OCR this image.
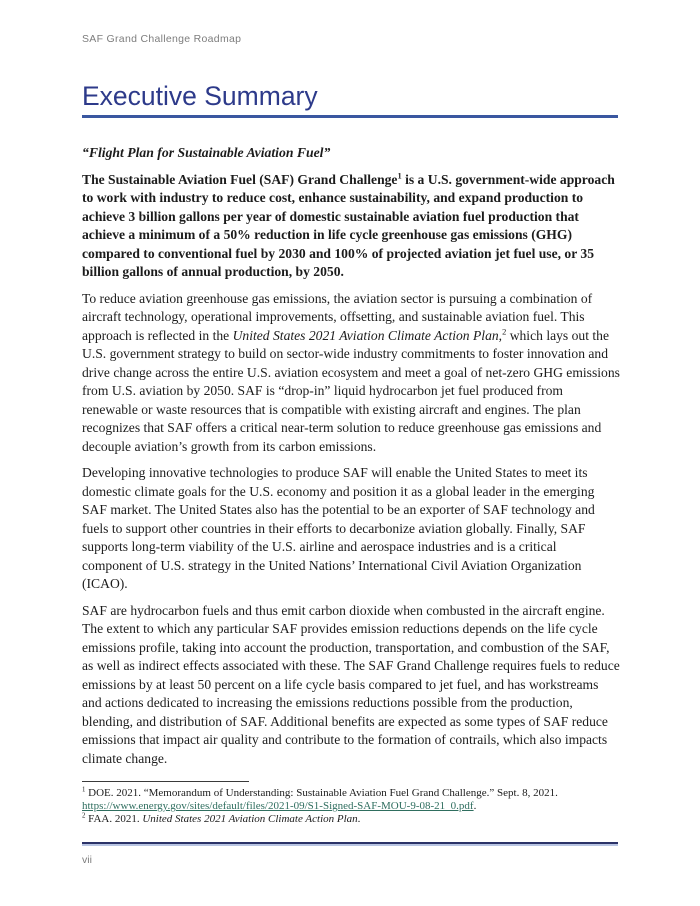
SAF Grand Challenge Roadmap
Executive Summary

“Flight Plan for Sustainable Aviation Fuel”

The Sustainable Aviation Fuel (SAF) Grand Challenge$^1$ is a U.S. government-wide approach to work with industry to reduce cost, enhance sustainability, and expand production to achieve 3 billion gallons per year of domestic sustainable aviation fuel production that achieve a minimum of a 50% reduction in life cycle greenhouse gas emissions (GHG) compared to conventional fuel by 2030 and 100% of projected aviation jet fuel use, or 35 billion gallons of annual production, by 2050.

To reduce aviation greenhouse gas emissions, the aviation sector is pursuing a combination of aircraft technology, operational improvements, offsetting, and sustainable aviation fuel. This approach is reflected in the United States 2021 Aviation Climate Action Plan,$^2$ which lays out the U.S. government strategy to build on sector-wide industry commitments to foster innovation and drive change across the entire U.S. aviation ecosystem and meet a goal of net-zero GHG emissions from U.S. aviation by 2050. SAF is “drop-in” liquid hydrocarbon jet fuel produced from renewable or waste resources that is compatible with existing aircraft and engines. The plan recognizes that SAF offers a critical near-term solution to reduce greenhouse gas emissions and decouple aviation’s growth from its carbon emissions.

Developing innovative technologies to produce SAF will enable the United States to meet its domestic climate goals for the U.S. economy and position it as a global leader in the emerging SAF market. The United States also has the potential to be an exporter of SAF technology and fuels to support other countries in their efforts to decarbonize aviation globally. Finally, SAF supports long-term viability of the U.S. airline and aerospace industries and is a critical component of U.S. strategy in the United Nations’ International Civil Aviation Organization (ICAO).

SAF are hydrocarbon fuels and thus emit carbon dioxide when combusted in the aircraft engine. The extent to which any particular SAF provides emission reductions depends on the life cycle emissions profile, taking into account the production, transportation, and combustion of the SAF, as well as indirect effects associated with these. The SAF Grand Challenge requires fuels to reduce emissions by at least 50 percent on a life cycle basis compared to jet fuel, and has workstreams and actions dedicated to increasing the emissions reductions possible from the production, blending, and distribution of SAF. Additional benefits are expected as some types of SAF reduce emissions that impact air quality and contribute to the formation of contrails, which also impacts climate change.

$^1$ DOE. 2021. “Memorandum of Understanding: Sustainable Aviation Fuel Grand Challenge.” Sept. 8, 2021. https://www.energy.gov/sites/default/files/2021-09/S1-Signed-SAF-MOU-9-08-21_0.pdf.
$^2$ FAA. 2021. United States 2021 Aviation Climate Action Plan.
vii
